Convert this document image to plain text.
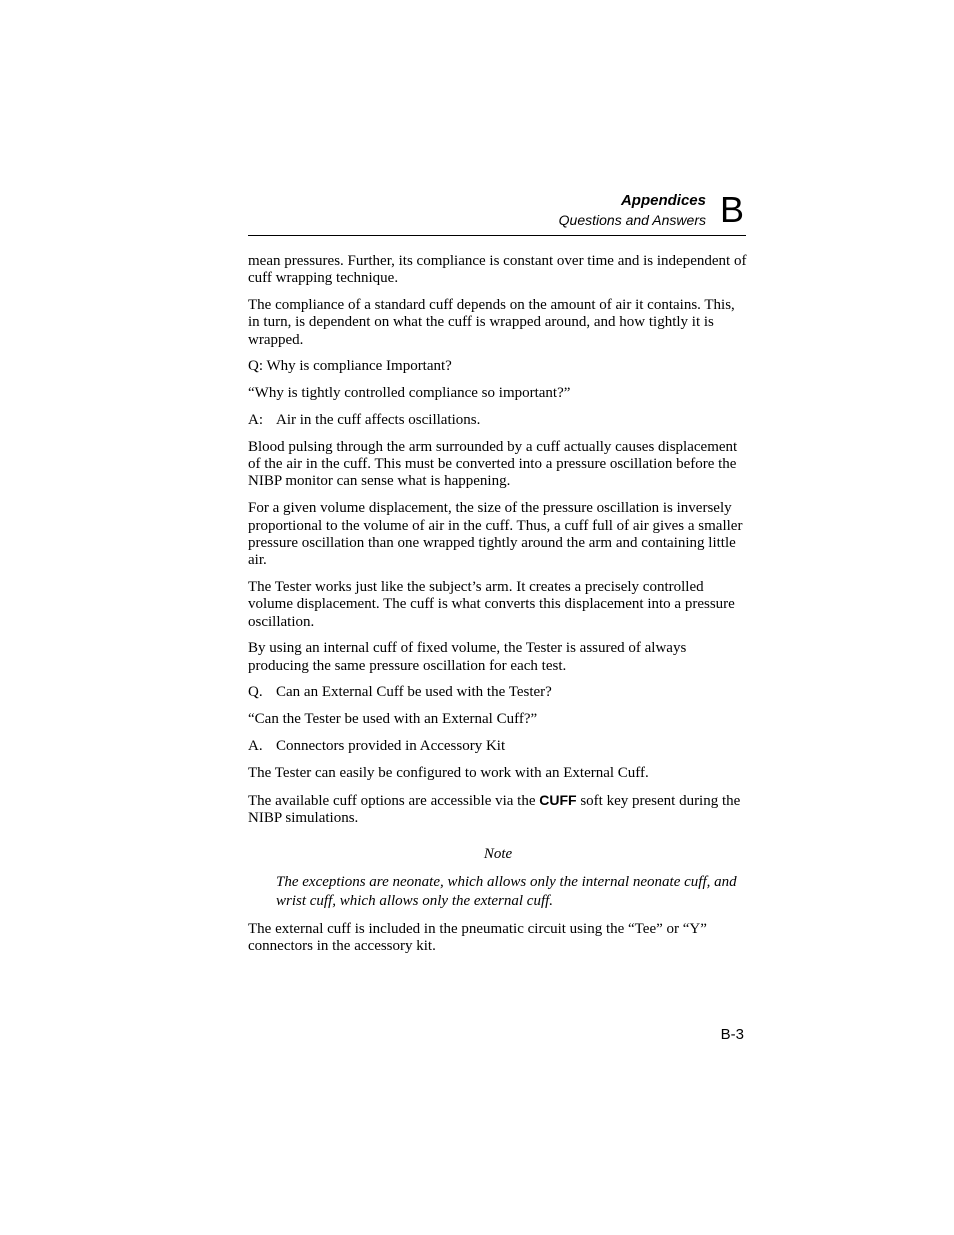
Appendices
Questions and Answers B

mean pressures. Further, its compliance is constant over time and is independent of cuff wrapping technique.

The compliance of a standard cuff depends on the amount of air it contains. This, in turn, is dependent on what the cuff is wrapped around, and how tightly it is wrapped.

Q: Why is compliance Important?

“Why is tightly controlled compliance so important?”

A: Air in the cuff affects oscillations.

Blood pulsing through the arm surrounded by a cuff actually causes displacement of the air in the cuff. This must be converted into a pressure oscillation before the NIBP monitor can sense what is happening.

For a given volume displacement, the size of the pressure oscillation is inversely proportional to the volume of air in the cuff. Thus, a cuff full of air gives a smaller pressure oscillation than one wrapped tightly around the arm and containing little air.

The Tester works just like the subject’s arm. It creates a precisely controlled volume displacement. The cuff is what converts this displacement into a pressure oscillation.

By using an internal cuff of fixed volume, the Tester is assured of always producing the same pressure oscillation for each test.

Q. Can an External Cuff be used with the Tester?

“Can the Tester be used with an External Cuff?”

A. Connectors provided in Accessory Kit

The Tester can easily be configured to work with an External Cuff.

The available cuff options are accessible via the CUFF soft key present during the NIBP simulations.

Note

The exceptions are neonate, which allows only the internal neonate cuff, and wrist cuff, which allows only the external cuff.

The external cuff is included in the pneumatic circuit using the “Tee” or “Y” connectors in the accessory kit.

B-3
